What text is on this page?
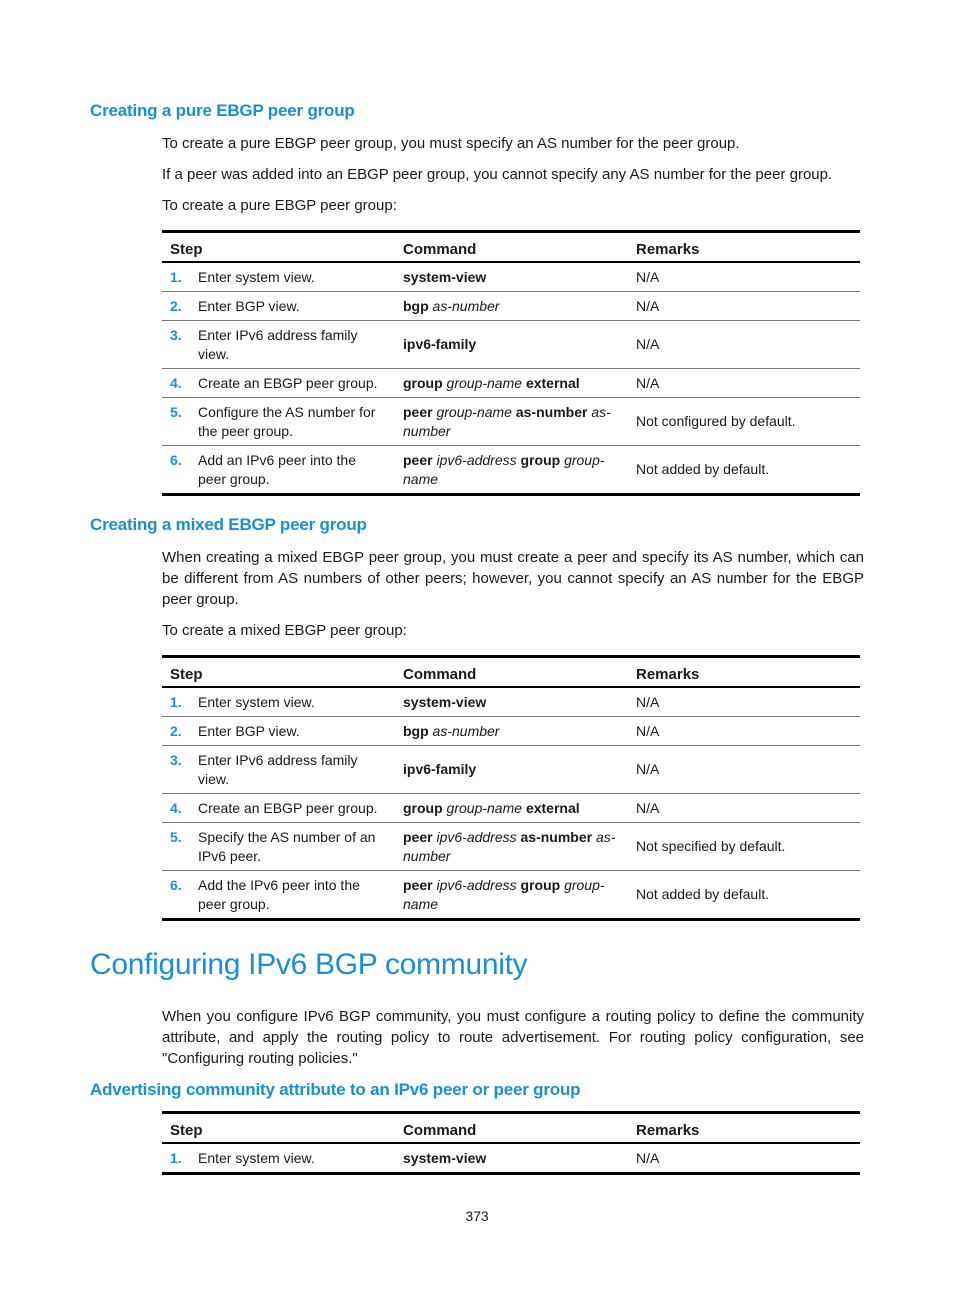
Creating a pure EBGP peer group

To create a pure EBGP peer group, you must specify an AS number for the peer group.

If a peer was added into an EBGP peer group, you cannot specify any AS number for the peer group.

To create a pure EBGP peer group:

Step		Command	Remarks
1.	Enter system view.	system-view	N/A
2.	Enter BGP view.	bgp as-number	N/A
3.	Enter IPv6 address family view.	ipv6-family	N/A
4.	Create an EBGP peer group.	group group-name external	N/A
5.	Configure the AS number for the peer group.	peer group-name as-number as-number	Not configured by default.
6.	Add an IPv6 peer into the peer group.	peer ipv6-address group group-name	Not added by default.
Creating a mixed EBGP peer group

When creating a mixed EBGP peer group, you must create a peer and specify its AS number, which can be different from AS numbers of other peers; however, you cannot specify an AS number for the EBGP peer group.

To create a mixed EBGP peer group:

Step		Command	Remarks
1.	Enter system view.	system-view	N/A
2.	Enter BGP view.	bgp as-number	N/A
3.	Enter IPv6 address family view.	ipv6-family	N/A
4.	Create an EBGP peer group.	group group-name external	N/A
5.	Specify the AS number of an IPv6 peer.	peer ipv6-address as-number as-number	Not specified by default.
6.	Add the IPv6 peer into the peer group.	peer ipv6-address group group-name	Not added by default.
Configuring IPv6 BGP community

When you configure IPv6 BGP community, you must configure a routing policy to define the community attribute, and apply the routing policy to route advertisement. For routing policy configuration, see "Configuring routing policies."

Advertising community attribute to an IPv6 peer or peer group
Step		Command	Remarks
1.	Enter system view.	system-view	N/A
373
